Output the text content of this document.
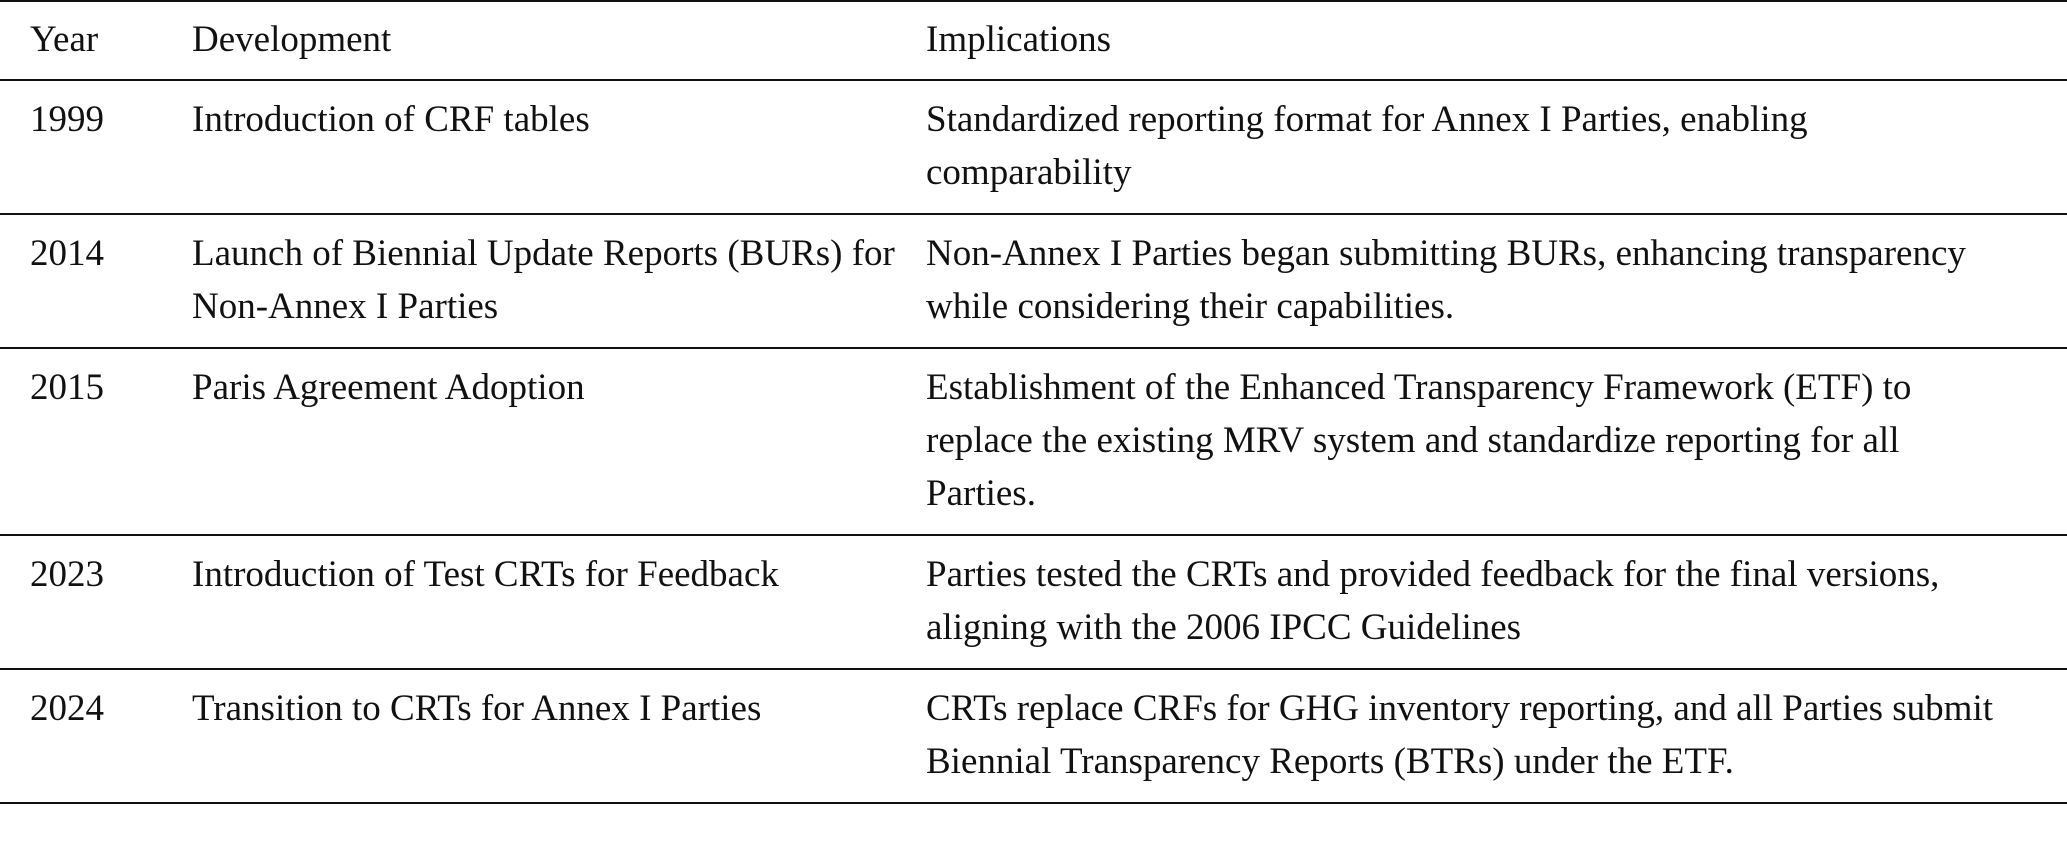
Year	Development	Implications
1999	Introduction of CRF tables	Standardized reporting format for Annex I Parties, enabling comparability
2014	Launch of Biennial Update Reports (BURs) for Non-Annex I Parties	Non-Annex I Parties began submitting BURs, enhancing transparency while considering their capabilities.
2015	Paris Agreement Adoption	Establishment of the Enhanced Transparency Framework (ETF) to replace the existing MRV system and standardize reporting for all Parties.
2023	Introduction of Test CRTs for Feedback	Parties tested the CRTs and provided feedback for the final versions, aligning with the 2006 IPCC Guidelines
2024	Transition to CRTs for Annex I Parties	CRTs replace CRFs for GHG inventory reporting, and all Parties submit Biennial Transparency Reports (BTRs) under the ETF.
